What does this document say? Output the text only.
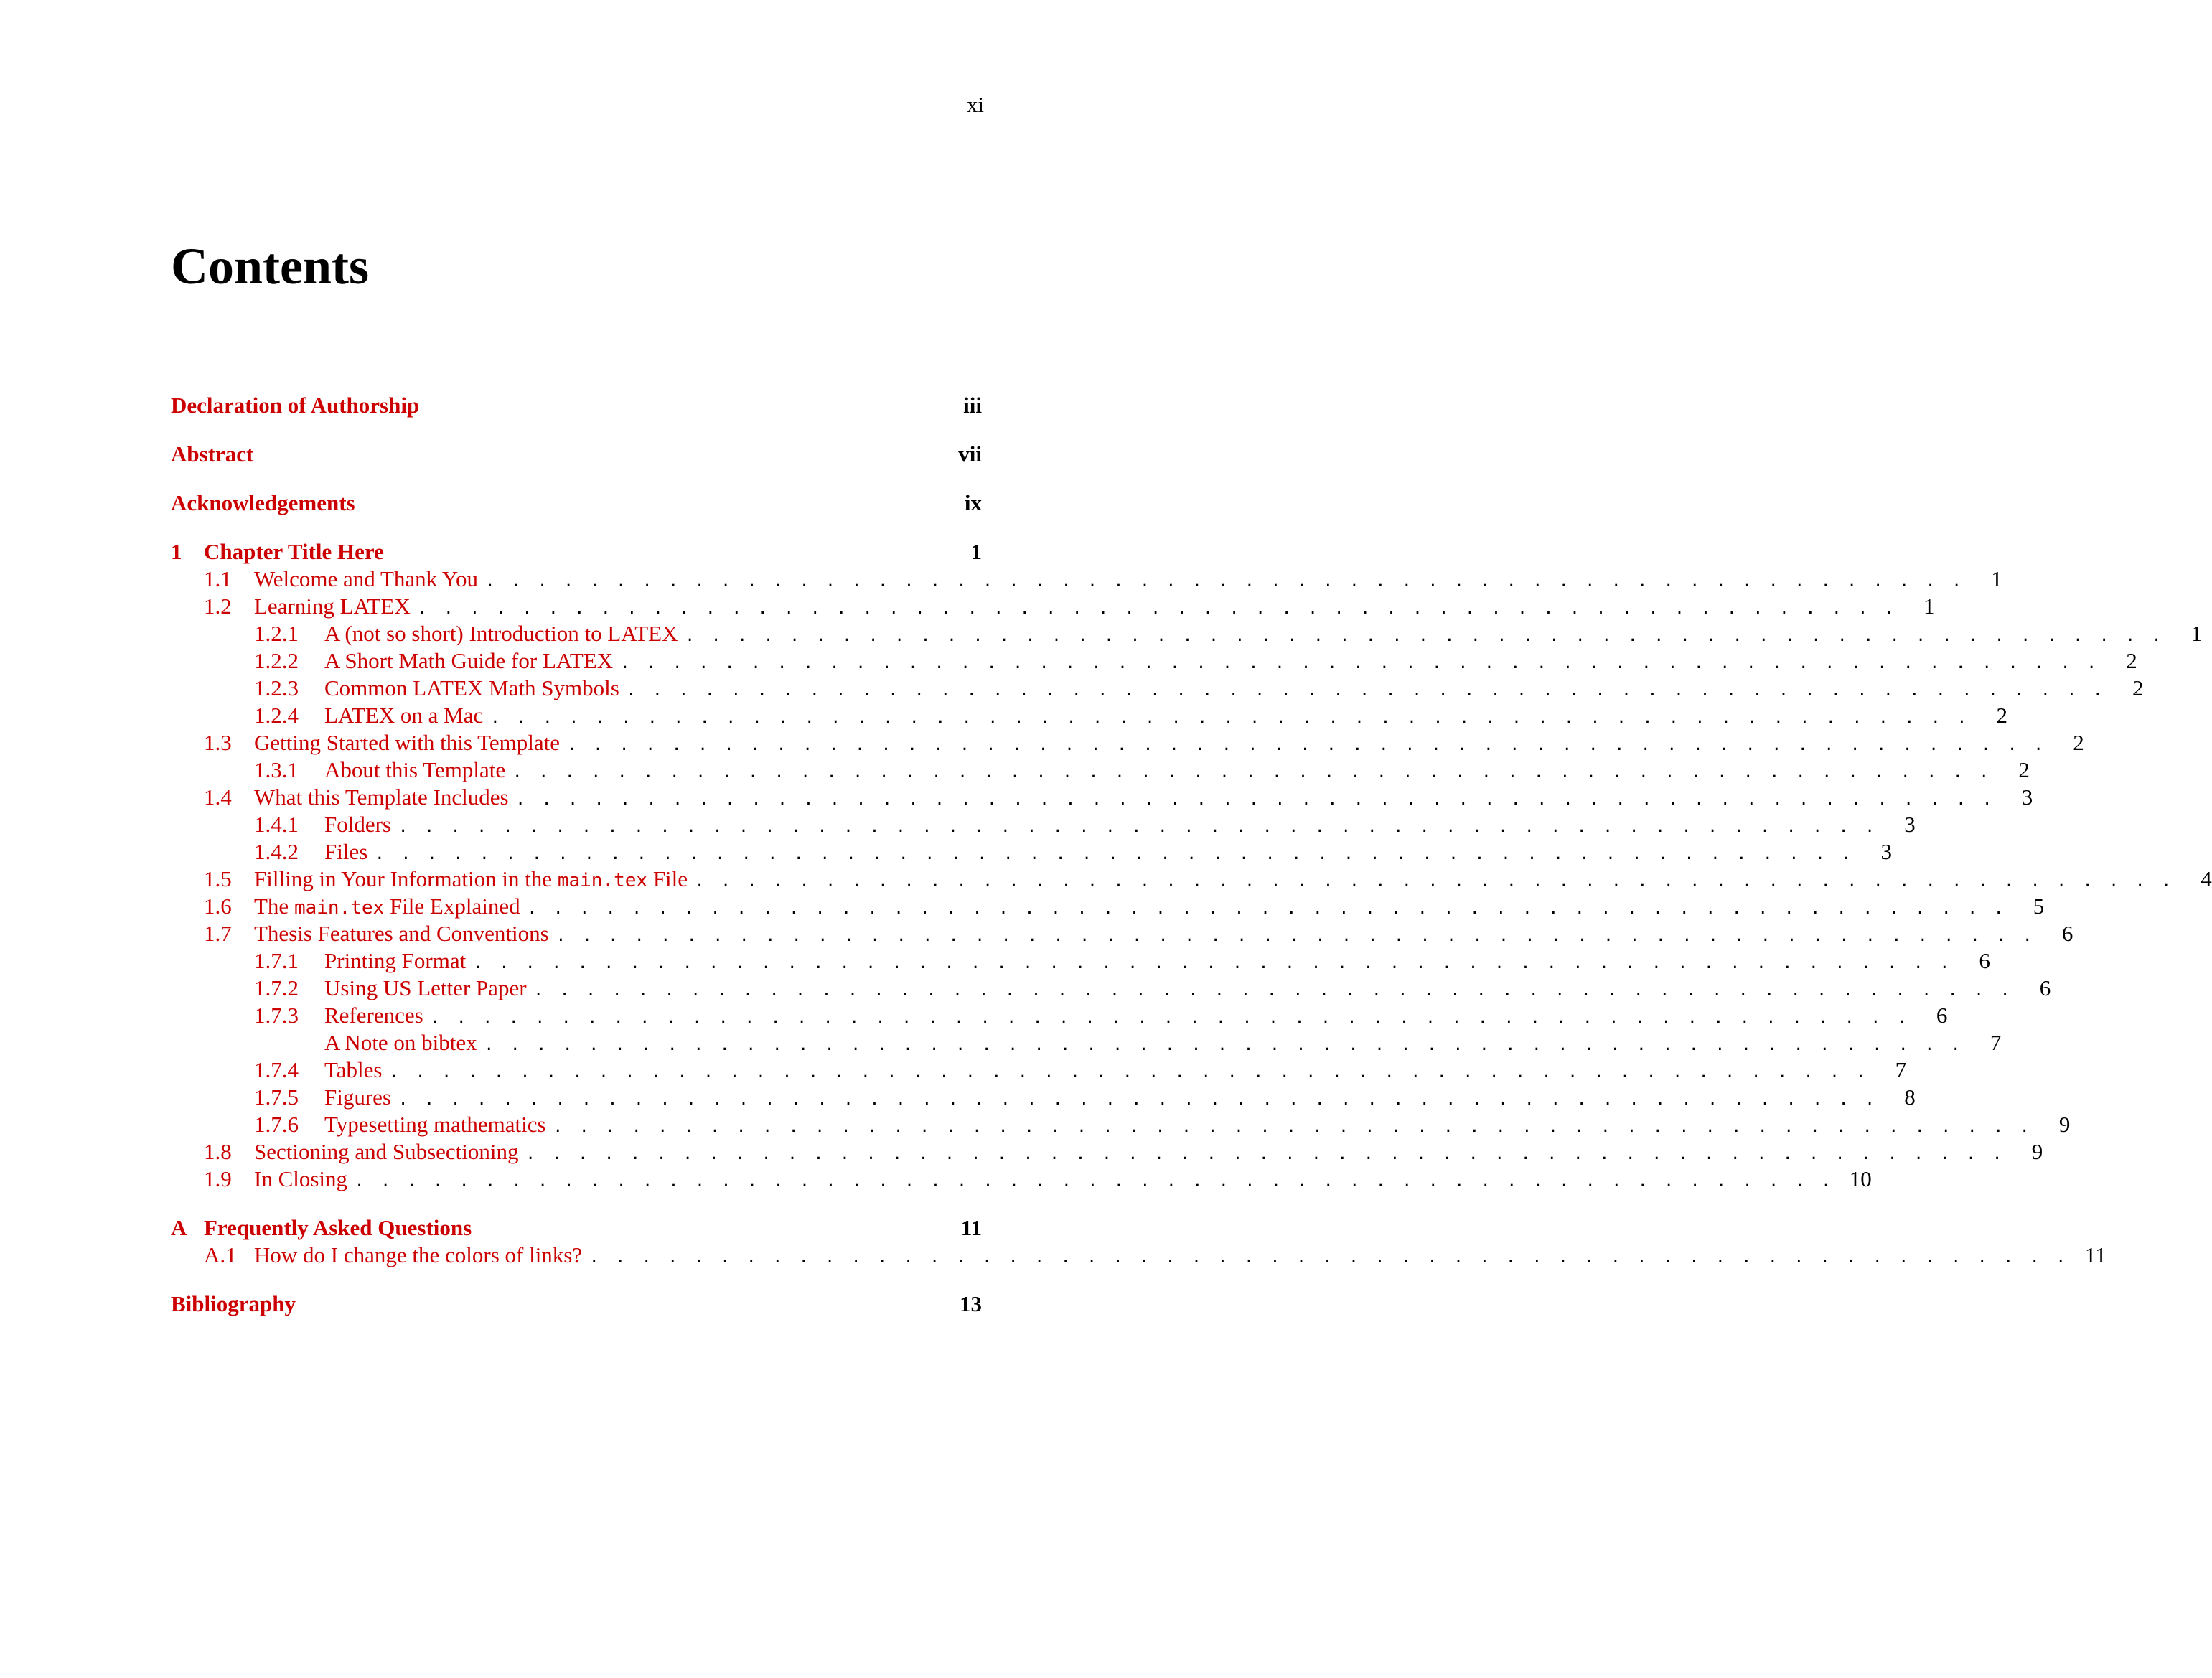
xi
Contents
Declaration of Authorship	iii
Abstract	vii
Acknowledgements	ix
1 Chapter Title Here	1
1.1	Welcome and Thank You . . . . . . . . . . . . . . . . . . . . . . . . . . . . . . . . . . . . . . . . . . . . . . . . . . . . . . . . .	1
1.2	Learning LATEX . . . . . . . . . . . . . . . . . . . . . . . . . . . . . . . . . . . . . . . . . . . . . . . . . . . . . . . . .	1
1.2.1	A (not so short) Introduction to LATEX . . . . . . . . . . . . . . . . . . . . . . . . . . . . . . . . . . . . . . . . . . . . . . . . . . . . . . . . .	1
1.2.2	A Short Math Guide for LATEX . . . . . . . . . . . . . . . . . . . . . . . . . . . . . . . . . . . . . . . . . . . . . . . . . . . . . . . . .	2
1.2.3	Common LATEX Math Symbols . . . . . . . . . . . . . . . . . . . . . . . . . . . . . . . . . . . . . . . . . . . . . . . . . . . . . . . . .	2
1.2.4	LATEX on a Mac . . . . . . . . . . . . . . . . . . . . . . . . . . . . . . . . . . . . . . . . . . . . . . . . . . . . . . . . .	2
1.3	Getting Started with this Template . . . . . . . . . . . . . . . . . . . . . . . . . . . . . . . . . . . . . . . . . . . . . . . . . . . . . . . . .	2
1.3.1	About this Template . . . . . . . . . . . . . . . . . . . . . . . . . . . . . . . . . . . . . . . . . . . . . . . . . . . . . . . . .	2
1.4	What this Template Includes . . . . . . . . . . . . . . . . . . . . . . . . . . . . . . . . . . . . . . . . . . . . . . . . . . . . . . . . .	3
1.4.1	Folders . . . . . . . . . . . . . . . . . . . . . . . . . . . . . . . . . . . . . . . . . . . . . . . . . . . . . . . . .	3
1.4.2	Files . . . . . . . . . . . . . . . . . . . . . . . . . . . . . . . . . . . . . . . . . . . . . . . . . . . . . . . . .	3
1.5	Filling in Your Information in the main.tex File . . . . . . . . . . . . . . . . . . . . . . . . . . . . . . . . . . . . . . . . . . . . . . . . . . . . . . . . .	4
1.6	The main.tex File Explained . . . . . . . . . . . . . . . . . . . . . . . . . . . . . . . . . . . . . . . . . . . . . . . . . . . . . . . . .	5
1.7	Thesis Features and Conventions . . . . . . . . . . . . . . . . . . . . . . . . . . . . . . . . . . . . . . . . . . . . . . . . . . . . . . . . .	6
1.7.1	Printing Format . . . . . . . . . . . . . . . . . . . . . . . . . . . . . . . . . . . . . . . . . . . . . . . . . . . . . . . . .	6
1.7.2	Using US Letter Paper . . . . . . . . . . . . . . . . . . . . . . . . . . . . . . . . . . . . . . . . . . . . . . . . . . . . . . . . .	6
1.7.3	References . . . . . . . . . . . . . . . . . . . . . . . . . . . . . . . . . . . . . . . . . . . . . . . . . . . . . . . . .	6
A Note on bibtex . . . . . . . . . . . . . . . . . . . . . . . . . . . . . . . . . . . . . . . . . . . . . . . . . . . . . . . . .	7
1.7.4	Tables . . . . . . . . . . . . . . . . . . . . . . . . . . . . . . . . . . . . . . . . . . . . . . . . . . . . . . . . .	7
1.7.5	Figures . . . . . . . . . . . . . . . . . . . . . . . . . . . . . . . . . . . . . . . . . . . . . . . . . . . . . . . . .	8
1.7.6	Typesetting mathematics . . . . . . . . . . . . . . . . . . . . . . . . . . . . . . . . . . . . . . . . . . . . . . . . . . . . . . . . .	9
1.8	Sectioning and Subsectioning . . . . . . . . . . . . . . . . . . . . . . . . . . . . . . . . . . . . . . . . . . . . . . . . . . . . . . . . .	9
1.9	In Closing . . . . . . . . . . . . . . . . . . . . . . . . . . . . . . . . . . . . . . . . . . . . . . . . . . . . . . . . . 10
A Frequently Asked Questions	11
A.1 How do I change the colors of links? . . . . . . . . . . . . . . . . . . . . . . . . . . . . . . . . . . . . . . . . . . . . . . . . . . . . . . . . . 11
Bibliography	13
